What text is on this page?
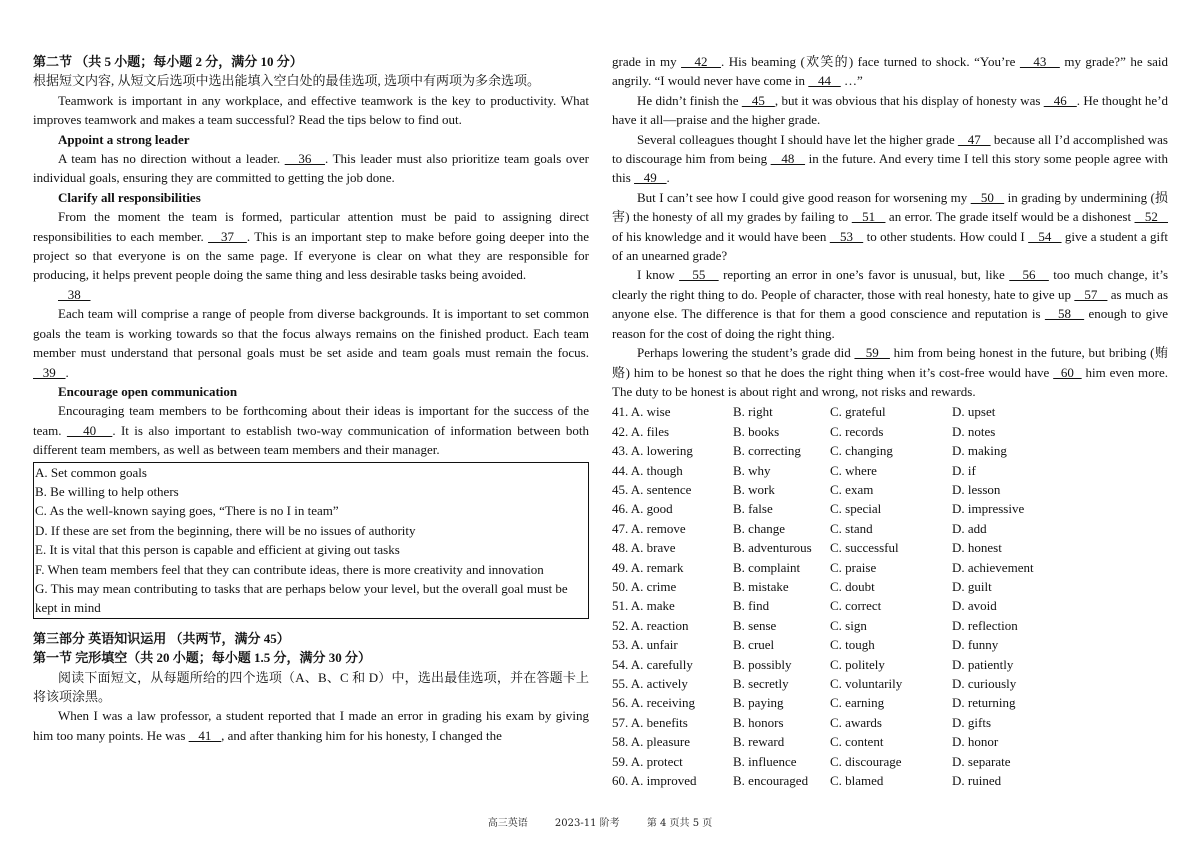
第二节 （共 5 小题；每小题 2 分，满分 10 分）

根据短文内容, 从短文后选项中选出能填入空白处的最佳选项, 选项中有两项为多余选项。

Teamwork is important in any workplace, and effective teamwork is the key to productivity. What improves teamwork and makes a team successful? Read the tips below to find out.

Appoint a strong leader

A team has no direction without a leader.    36   . This leader must also prioritize team goals over individual goals, ensuring they are committed to getting the job done.

Clarify all responsibilities

From the moment the team is formed, particular attention must be paid to assigning direct responsibilities to each member.    37   . This is an important step to make before going deeper into the project so that everyone is on the same page. If everyone is clear on what they are responsible for producing, it helps prevent people doing the same thing and less desirable tasks being avoided.

38

Each team will comprise a range of people from diverse backgrounds. It is important to set common goals the team is working towards so that the focus always remains on the finished product. Each team member must understand that personal goals must be set aside and team goals must remain the focus.    39   .

Encourage open communication

Encouraging team members to be forthcoming about their ideas is important for the success of the team.    40   . It is also important to establish two-way communication of information between both different team members, as well as between team members and their manager.

A. Set common goals

B. Be willing to help others

C. As the well-known saying goes, “There is no I in team”

D. If these are set from the beginning, there will be no issues of authority

E. It is vital that this person is capable and efficient at giving out tasks

F. When team members feel that they can contribute ideas, there is more creativity and innovation

G. This may mean contributing to tasks that are perhaps below your level, but the overall goal must be kept in mind

第三部分 英语知识运用 （共两节，满分 45）

第一节 完形填空（共 20 小题；每小题 1.5 分，满分 30 分）

阅读下面短文，从每题所给的四个选项（A、B、C 和 D）中，选出最佳选项，并在答题卡上将该项涂黑。

When I was a law professor, a student reported that I made an error in grading his exam by giving him too many points. He was    41   , and after thanking him for his honesty, I changed the

grade in my    42   . His beaming (欢笑的) face turned to shock. “You’re    43    my grade?” he said angrily. “I would never have come in    44    …”

He didn’t finish the    45   , but it was obvious that his display of honesty was    46   . He thought he’d have it all—praise and the higher grade.

Several colleagues thought I should have let the higher grade    47    because all I’d accomplished was to discourage him from being    48    in the future. And every time I tell this story some people agree with this    49   .

But I can’t see how I could give good reason for worsening my    50    in grading by undermining (损害) the honesty of all my grades by failing to    51    an error. The grade itself would be a dishonest    52    of his knowledge and it would have been    53    to other students. How could I    54    give a student a gift of an unearned grade?

I know    55    reporting an error in one’s favor is unusual, but, like    56    too much change, it’s clearly the right thing to do. People of character, those with real honesty, hate to give up    57    as much as anyone else. The difference is that for them a good conscience and reputation is    58    enough to give reason for the cost of doing the right thing.

Perhaps lowering the student’s grade did    59    him from being honest in the future, but bribing (贿赂) him to be honest so that he does the right thing when it’s cost-free would have   60   him even more. The duty to be honest is about right and wrong, not risks and rewards.

41. A. wise	B. right	C. grateful	D. upset
42. A. files	B. books	C. records	D. notes
43. A. lowering	B. correcting	C. changing	D. making
44. A. though	B. why	C. where	D. if
45. A. sentence	B. work	C. exam	D. lesson
46. A. good	B. false	C. special	D. impressive
47. A. remove	B. change	C. stand	D. add
48. A. brave	B. adventurous	C. successful	D. honest
49. A. remark	B. complaint	C. praise	D. achievement
50. A. crime	B. mistake	C. doubt	D. guilt
51. A. make	B. find	C. correct	D. avoid
52. A. reaction	B. sense	C. sign	D. reflection
53. A. unfair	B. cruel	C. tough	D. funny
54. A. carefully	B. possibly	C. politely	D. patiently
55. A. actively	B. secretly	C. voluntarily	D. curiously
56. A. receiving	B. paying	C. earning	D. returning
57. A. benefits	B. honors	C. awards	D. gifts
58. A. pleasure	B. reward	C. content	D. honor
59. A. protect	B. influence	C. discourage	D. separate
60. A. improved	B. encouraged	C. blamed	D. ruined
高三英语	2023-11 阶考	第 4 页共 5 页
